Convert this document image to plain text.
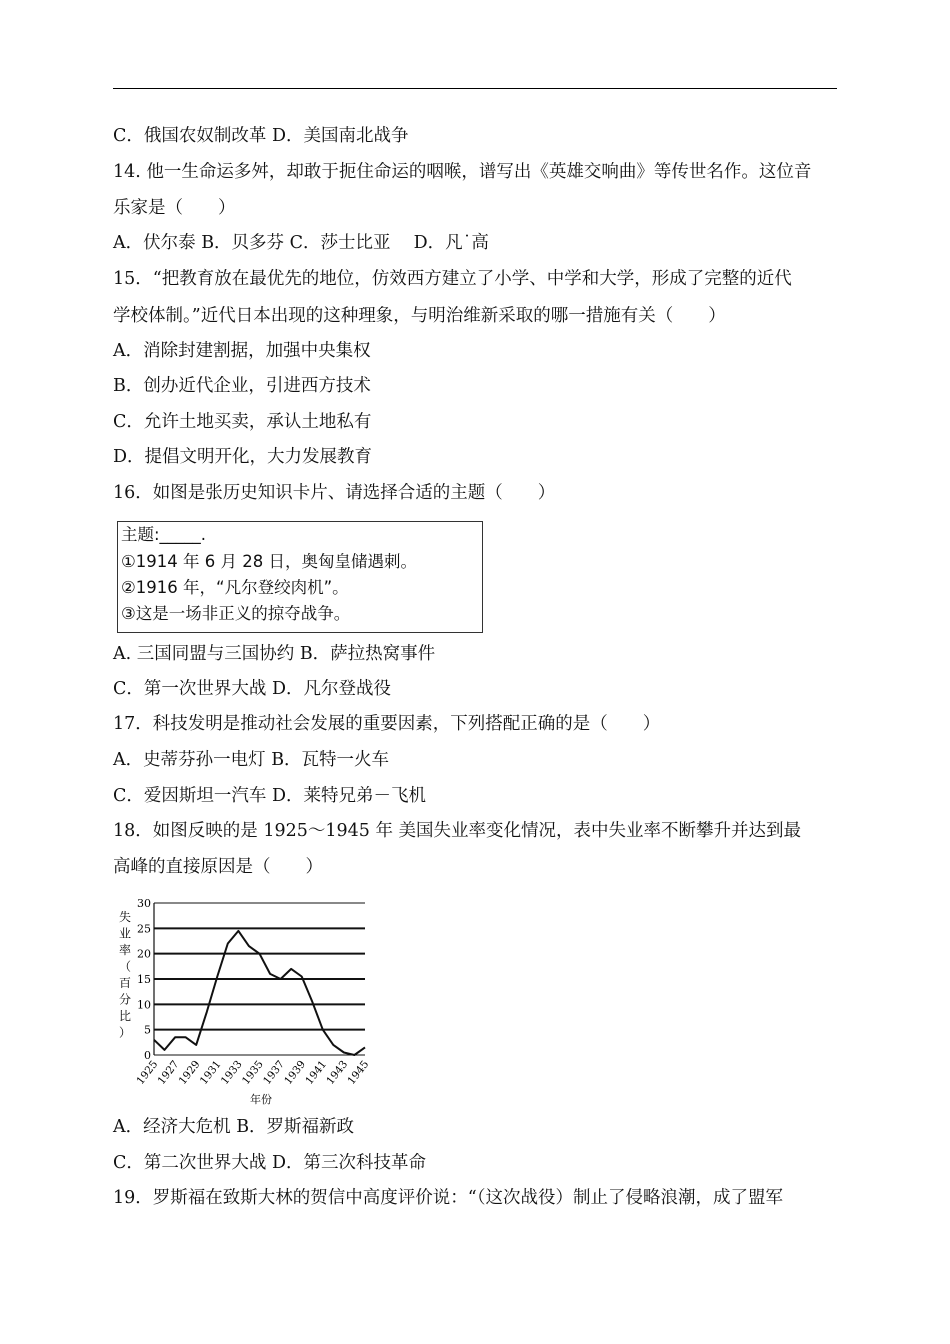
C．俄国农奴制改革 D．美国南北战争
14. 他一生命运多舛，却敢于扼住命运的咽喉，谱写出《英雄交响曲》等传世名作。这位音
乐家是（　　）
A．伏尔泰 B．贝多芬 C．莎士比亚　 D．凡˙高
15．“把教育放在最优先的地位，仿效西方建立了小学、中学和大学，形成了完整的近代
学校体制。”近代日本出现的这种理象，与明治维新采取的哪一措施有关（　　）
A．消除封建割据，加强中央集权
B．创办近代企业，引进西方技术
C．允许土地买卖，承认土地私有
D．提倡文明开化，大力发展教育
16．如图是张历史知识卡片、请选择合适的主题（　　）
主题:_____.
①1914 年 6 月 28 日，奥匈皇储遇刺。
②1916 年，“凡尔登绞肉机”。
③这是一场非正义的掠夺战争。
A. 三国同盟与三国协约 B．萨拉热窝事件
C．第一次世界大战 D．凡尔登战役
17．科技发明是推动社会发展的重要因素，下列搭配正确的是（　　）
A．史蒂芬孙一电灯 B．瓦特一火车
C．爱因斯坦一汽车 D．莱特兄弟－飞机
18．如图反映的是 1925～1945 年 美国失业率变化情况，表中失业率不断攀升并达到最
高峰的直接原因是（　　）
失
业
率
（
百
分
比
）
0
5
10
15
20
25
30
1925
1927
1929
1931
1933
1935
1937
1939
1941
1943
1945
年份
A．经济大危机 B．罗斯福新政
C．第二次世界大战 D．第三次科技革命
19．罗斯福在致斯大林的贺信中高度评价说：“（这次战役）制止了侵略浪潮，成了盟军
